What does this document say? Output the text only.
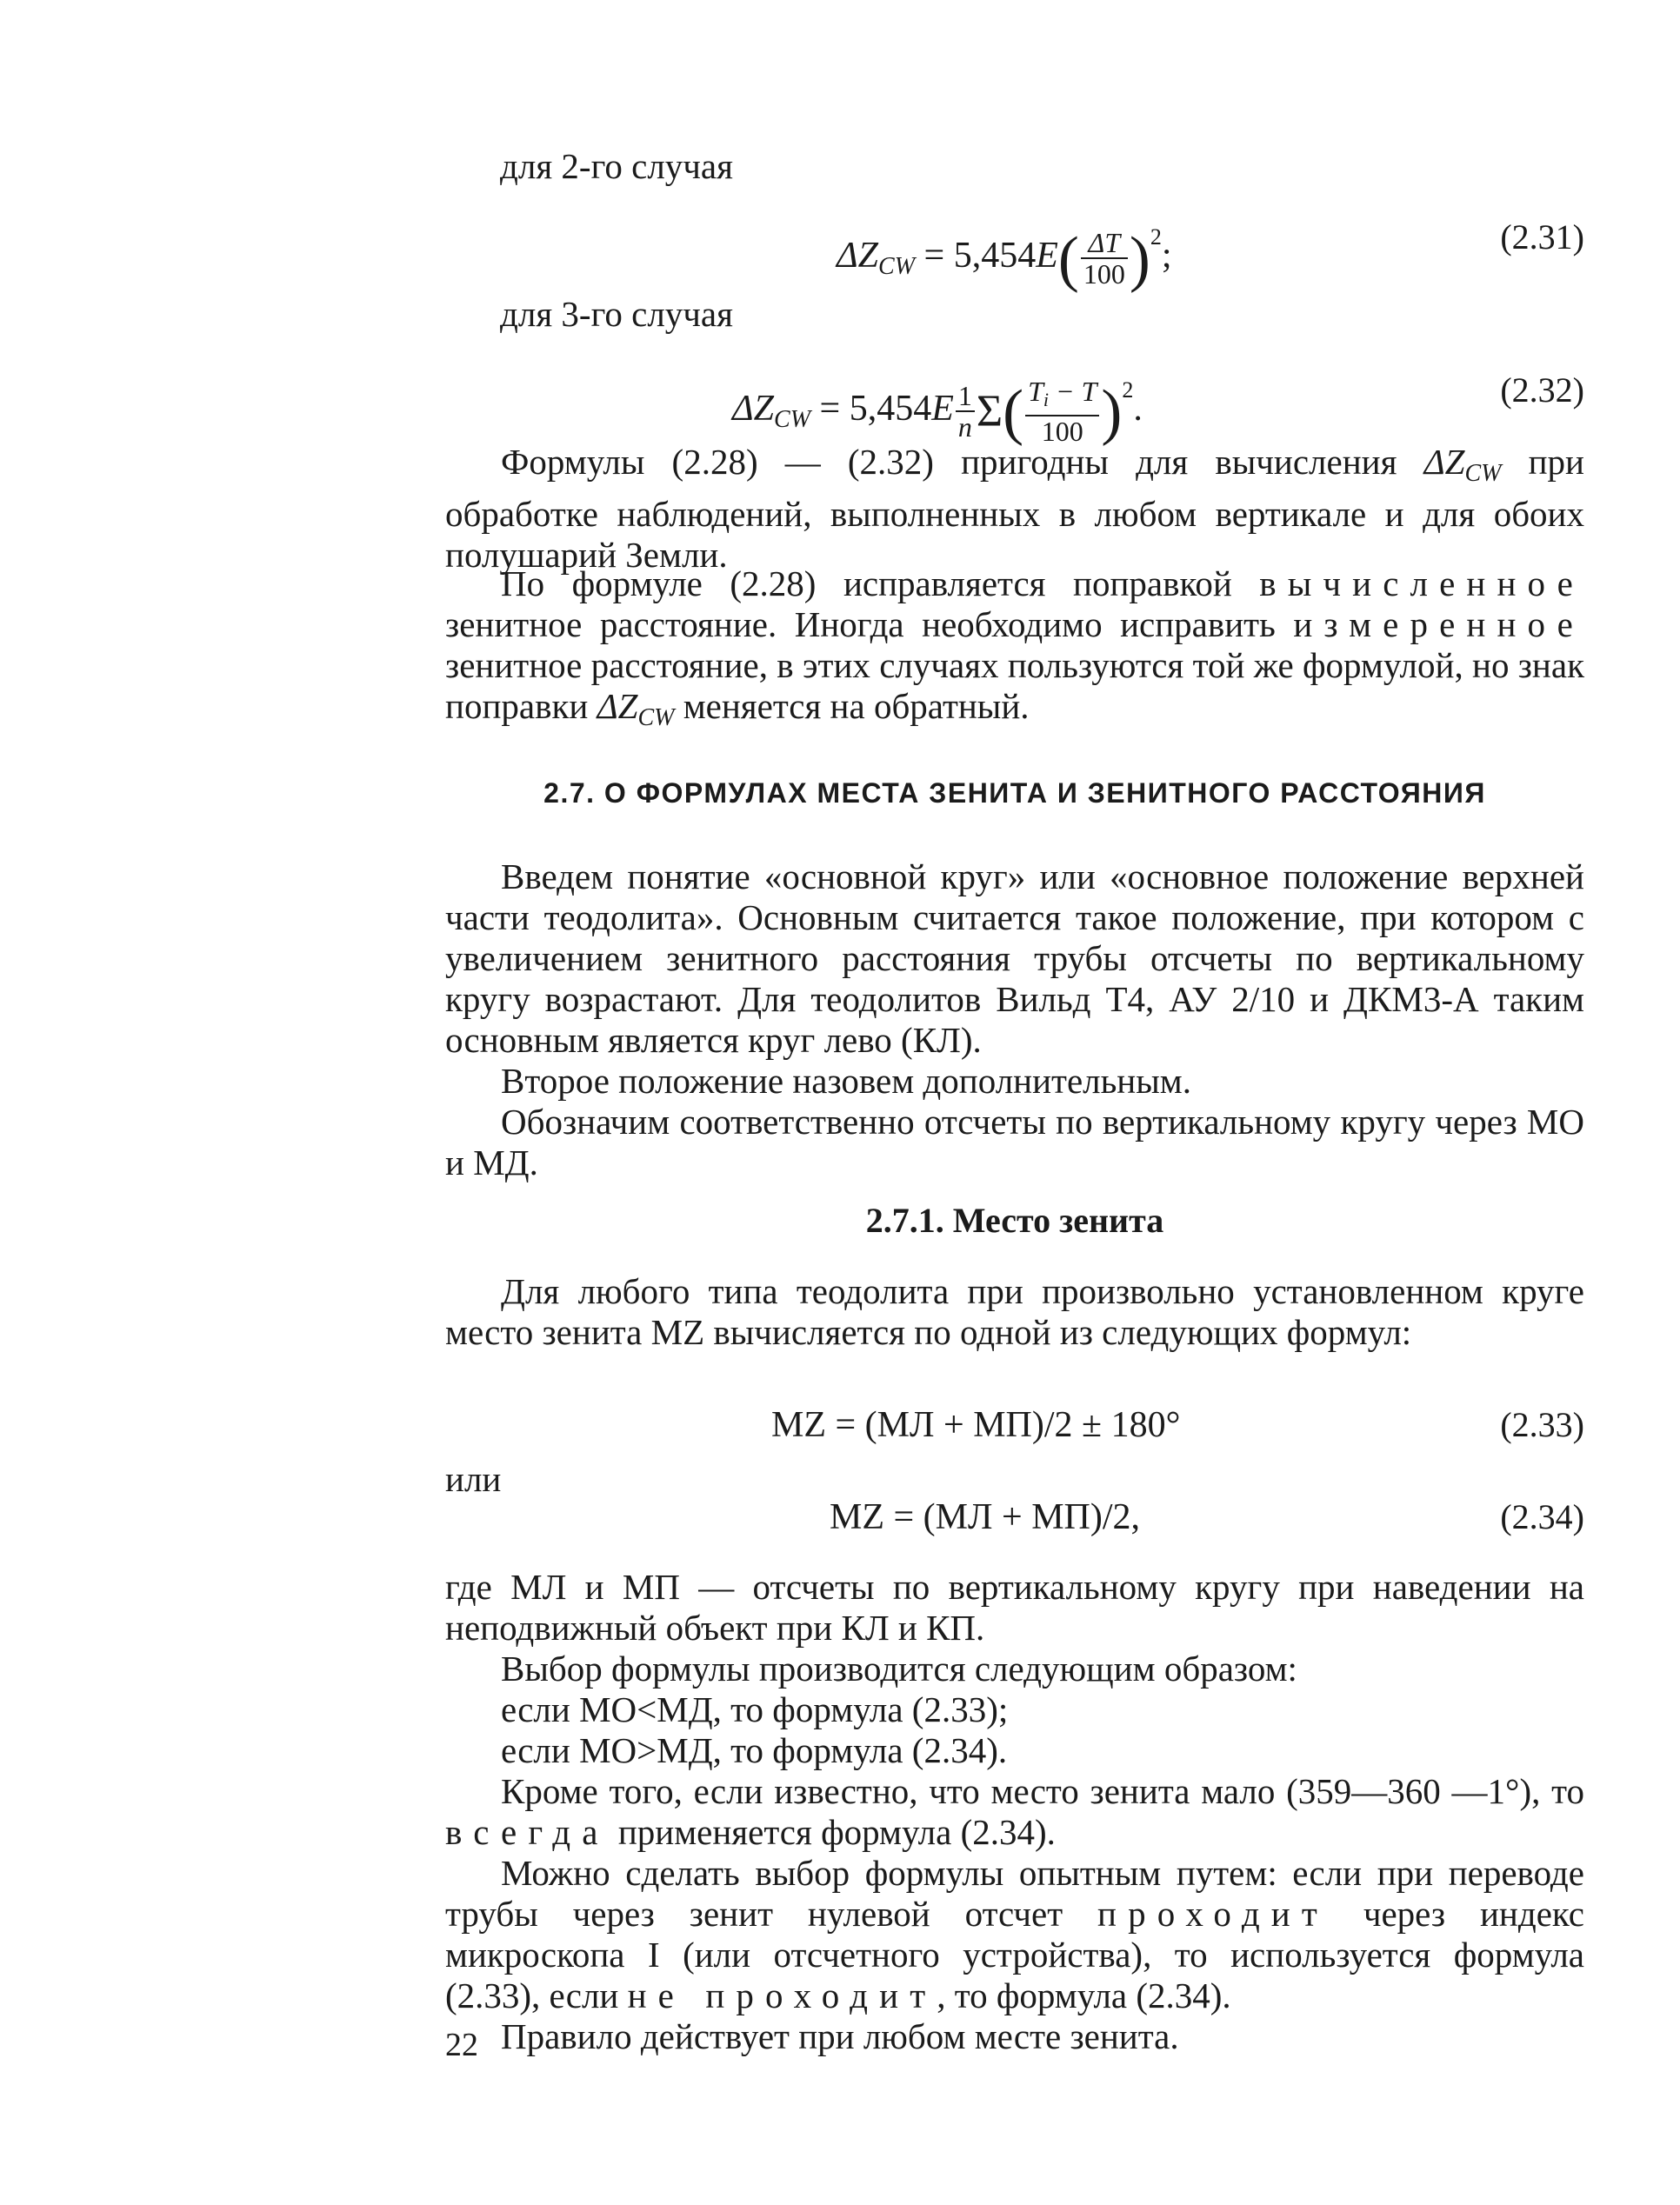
для 2-го случая

$\Delta ZCW = 5,454E( \frac{\Delta T}{100} )^2$;	(2.31)

для 3-го случая

$\Delta ZCW = 5,454E \frac{1}{n} \Sigma( \frac{Ti - T}{100} )^2$.	(2.32)

Формулы (2.28) — (2.32) пригодны для вычисления ΔZCW при обработке наблюдений, выполненных в любом вертикале и для обоих полушарий Земли.

По формуле (2.28) исправляется поправкой вычисленное зенитное расстояние. Иногда необходимо исправить измеренное зенитное расстояние, в этих случаях пользуются той же формулой, но знак поправки ΔZCW меняется на обратный.

2.7. О ФОРМУЛАХ МЕСТА ЗЕНИТА И ЗЕНИТНОГО РАССТОЯНИЯ

Введем понятие «основной круг» или «основное положение верхней части теодолита». Основным считается такое положение, при котором с увеличением зенитного расстояния трубы отсчеты по вертикальному кругу возрастают. Для теодолитов Вильд Т4, АУ 2/10 и ДКМ3-А таким основным является круг лево (КЛ).

Второе положение назовем дополнительным.

Обозначим соответственно отсчеты по вертикальному кругу через МО и МД.

2.7.1. Место зенита

Для любого типа теодолита при произвольно установленном круге место зенита MZ вычисляется по одной из следующих формул:

MZ = (МЛ + МП)/2 ± 180°	(2.33)

или

MZ = (МЛ + МП)/2,	(2.34)

где МЛ и МП — отсчеты по вертикальному кругу при наведении на неподвижный объект при КЛ и КП.

Выбор формулы производится следующим образом:

если МО<МД, то формула (2.33);

если МО>МД, то формула (2.34).

Кроме того, если известно, что место зенита мало (359—360 —1°), то всегда применяется формула (2.34).

Можно сделать выбор формулы опытным путем: если при переводе трубы через зенит нулевой отсчет проходит через индекс микроскопа I (или отсчетного устройства), то используется формула (2.33), если не проходит, то формула (2.34).

Правило действует при любом месте зенита.

22
